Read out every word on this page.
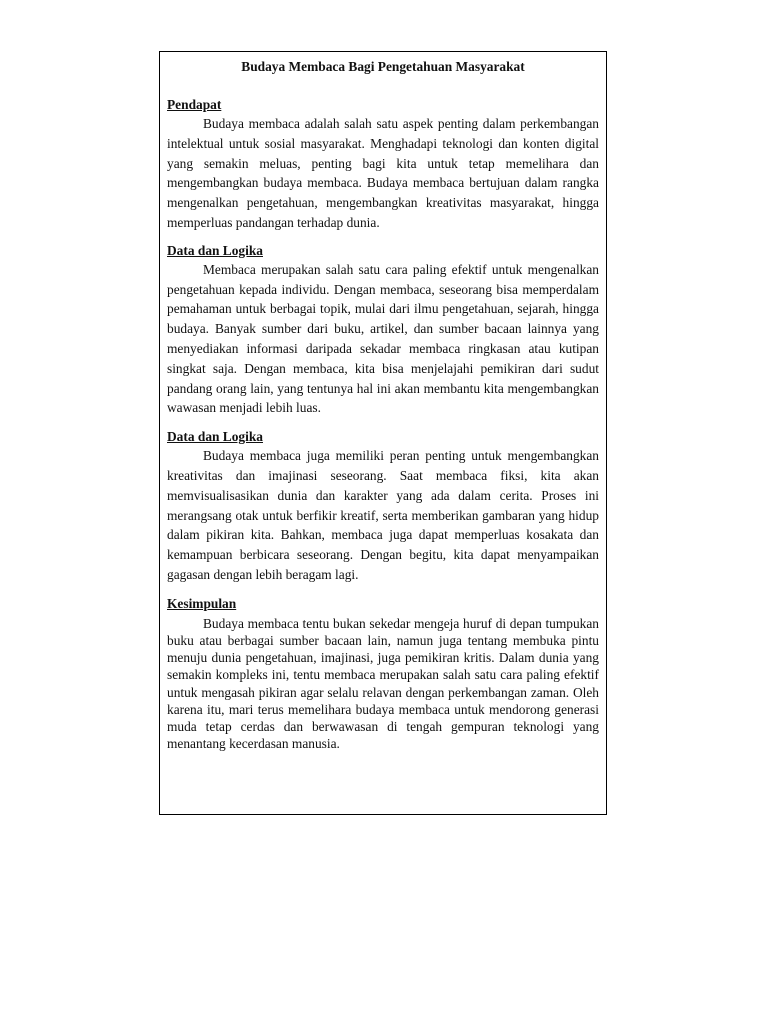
Budaya Membaca Bagi Pengetahuan Masyarakat
Pendapat

Budaya membaca adalah salah satu aspek penting dalam perkembangan intelektual untuk sosial masyarakat. Menghadapi teknologi dan konten digital yang semakin meluas, penting bagi kita untuk tetap memelihara dan mengembangkan budaya membaca. Budaya membaca bertujuan dalam rangka mengenalkan pengetahuan, mengembangkan kreativitas masyarakat, hingga memperluas pandangan terhadap dunia.

Data dan Logika

Membaca merupakan salah satu cara paling efektif untuk mengenalkan pengetahuan kepada individu. Dengan membaca, seseorang bisa memperdalam pemahaman untuk berbagai topik, mulai dari ilmu pengetahuan, sejarah, hingga budaya. Banyak sumber dari buku, artikel, dan sumber bacaan lainnya yang menyediakan informasi daripada sekadar membaca ringkasan atau kutipan singkat saja. Dengan membaca, kita bisa menjelajahi pemikiran dari sudut pandang orang lain, yang tentunya hal ini akan membantu kita mengembangkan wawasan menjadi lebih luas.

Data dan Logika

Budaya membaca juga memiliki peran penting untuk mengembangkan kreativitas dan imajinasi seseorang. Saat membaca fiksi, kita akan memvisualisasikan dunia dan karakter yang ada dalam cerita. Proses ini merangsang otak untuk berfikir kreatif, serta memberikan gambaran yang hidup dalam pikiran kita. Bahkan, membaca juga dapat memperluas kosakata dan kemampuan berbicara seseorang. Dengan begitu, kita dapat menyampaikan gagasan dengan lebih beragam lagi.

Kesimpulan

Budaya membaca tentu bukan sekedar mengeja huruf di depan tumpukan buku atau berbagai sumber bacaan lain, namun juga tentang membuka pintu menuju dunia pengetahuan, imajinasi, juga pemikiran kritis. Dalam dunia yang semakin kompleks ini, tentu membaca merupakan salah satu cara paling efektif untuk mengasah pikiran agar selalu relavan dengan perkembangan zaman. Oleh karena itu, mari terus memelihara budaya membaca untuk mendorong generasi muda tetap cerdas dan berwawasan di tengah gempuran teknologi yang menantang kecerdasan manusia.
